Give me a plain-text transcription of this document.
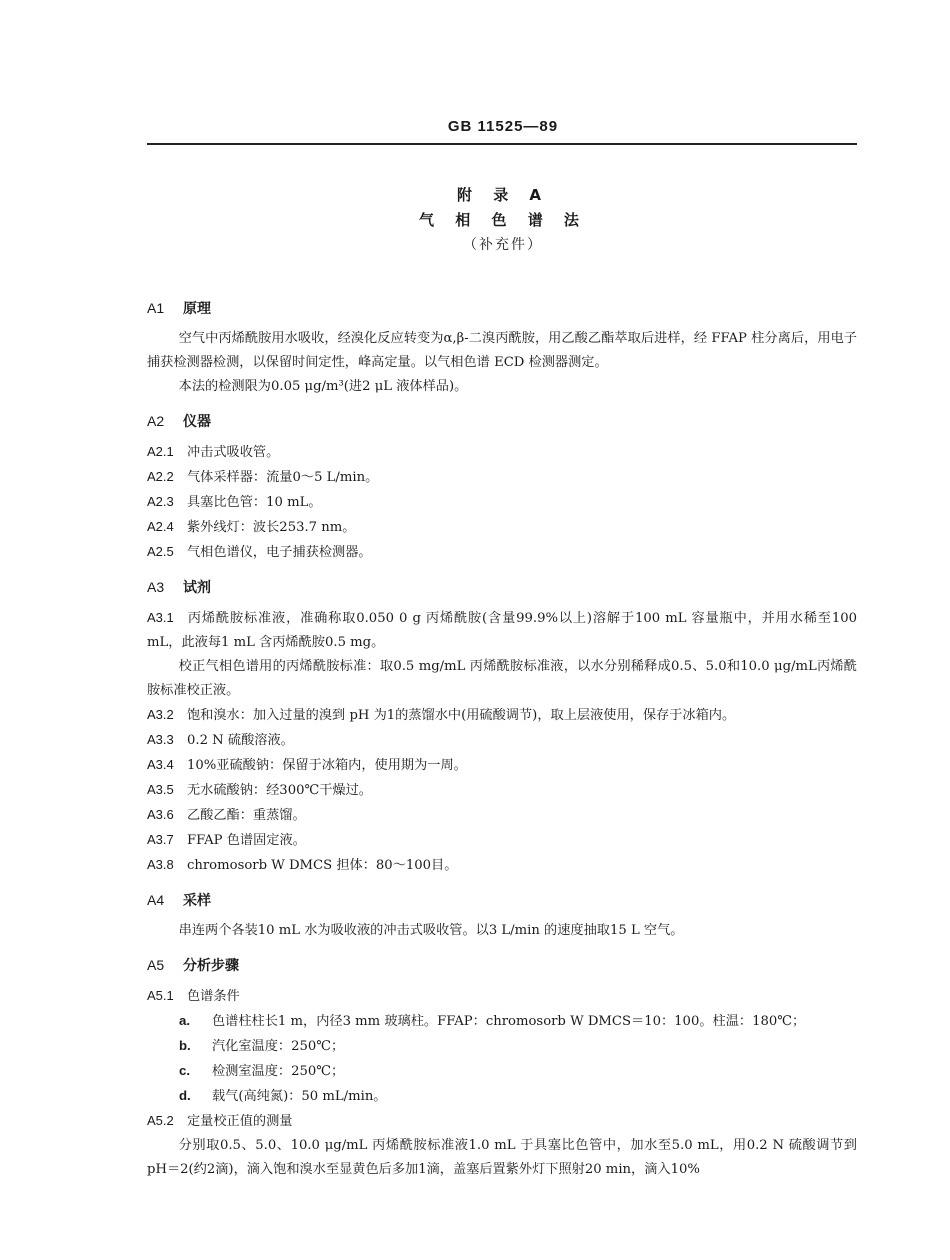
GB 11525—89
附 录 A
气 相 色 谱 法
（补充件）
A1 原理
空气中丙烯酰胺用水吸收，经溴化反应转变为α,β-二溴丙酰胺，用乙酸乙酯萃取后进样，经 FFAP 柱分离后，用电子捕获检测器检测，以保留时间定性，峰高定量。以气相色谱 ECD 检测器测定。
本法的检测限为0.05 μg/m³(进2 μL 液体样品)。
A2 仪器
A2.1 冲击式吸收管。
A2.2 气体采样器：流量0～5 L/min。
A2.3 具塞比色管：10 mL。
A2.4 紫外线灯：波长253.7 nm。
A2.5 气相色谱仪，电子捕获检测器。
A3 试剂
A3.1 丙烯酰胺标准液，准确称取0.050 0 g 丙烯酰胺(含量99.9%以上)溶解于100 mL 容量瓶中，并用水稀至100 mL，此液每1 mL 含丙烯酰胺0.5 mg。
校正气相色谱用的丙烯酰胺标准：取0.5 mg/mL 丙烯酰胺标准液，以水分别稀释成0.5、5.0和10.0 μg/mL丙烯酰胺标准校正液。
A3.2 饱和溴水：加入过量的溴到 pH 为1的蒸馏水中(用硫酸调节)，取上层液使用，保存于冰箱内。
A3.3 0.2 N 硫酸溶液。
A3.4 10%亚硫酸钠：保留于冰箱内，使用期为一周。
A3.5 无水硫酸钠：经300℃干燥过。
A3.6 乙酸乙酯：重蒸馏。
A3.7 FFAP 色谱固定液。
A3.8 chromosorb W DMCS 担体：80～100目。
A4 采样
串连两个各装10 mL 水为吸收液的冲击式吸收管。以3 L/min 的速度抽取15 L 空气。
A5 分析步骤
A5.1 色谱条件
a. 色谱柱柱长1 m，内径3 mm 玻璃柱。FFAP：chromosorb W DMCS＝10：100。柱温：180℃；
b. 汽化室温度：250℃；
c. 检测室温度：250℃；
d. 载气(高纯氮)：50 mL/min。
A5.2 定量校正值的测量
分别取0.5、5.0、10.0 μg/mL 丙烯酰胺标准液1.0 mL 于具塞比色管中，加水至5.0 mL，用0.2 N 硫酸调节到 pH＝2(约2滴)，滴入饱和溴水至显黄色后多加1滴，盖塞后置紫外灯下照射20 min，滴入10%
